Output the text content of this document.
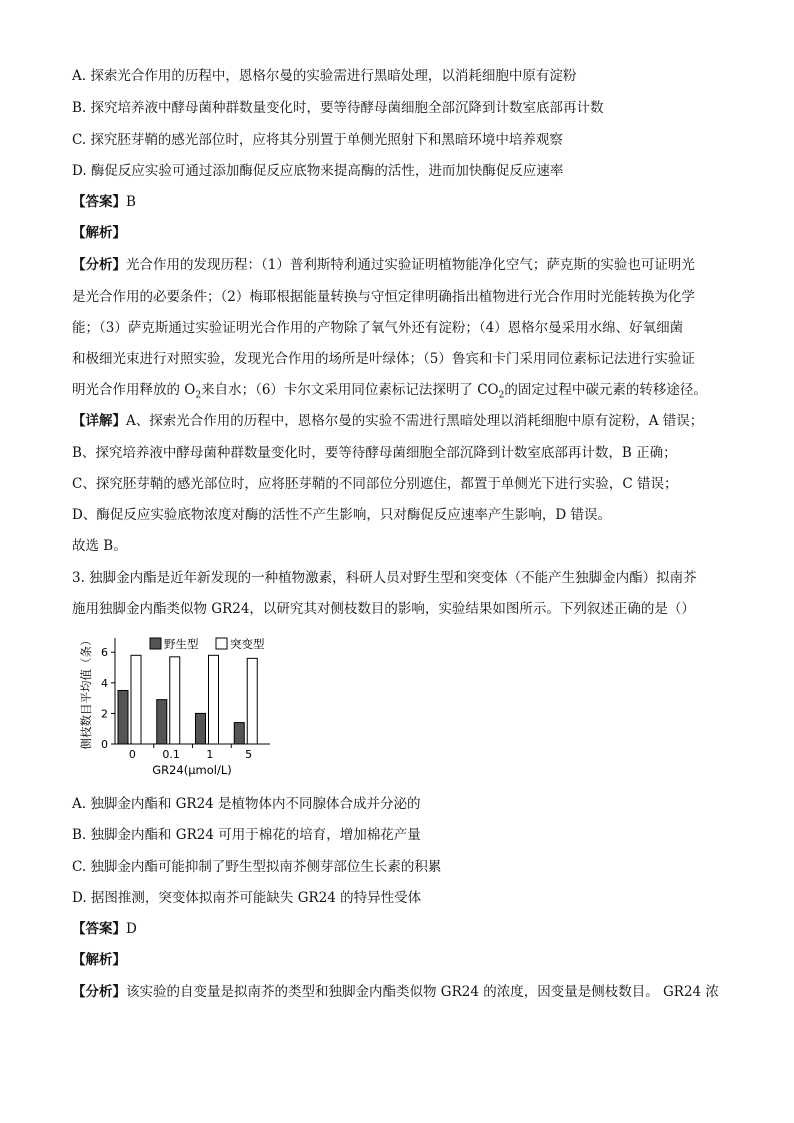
A. 探索光合作用的历程中，恩格尔曼的实验需进行黑暗处理，以消耗细胞中原有淀粉
B. 探究培养液中酵母菌种群数量变化时，要等待酵母菌细胞全部沉降到计数室底部再计数
C. 探究胚芽鞘的感光部位时，应将其分别置于单侧光照射下和黑暗环境中培养观察
D. 酶促反应实验可通过添加酶促反应底物来提高酶的活性，进而加快酶促反应速率
【答案】B
【解析】
【分析】光合作用的发现历程：（1）普利斯特利通过实验证明植物能净化空气；萨克斯的实验也可证明光
是光合作用的必要条件；（2）梅耶根据能量转换与守恒定律明确指出植物进行光合作用时光能转换为化学
能；（3）萨克斯通过实验证明光合作用的产物除了氧气外还有淀粉；（4）恩格尔曼采用水绵、好氧细菌
和极细光束进行对照实验，发现光合作用的场所是叶绿体；（5）鲁宾和卡门采用同位素标记法进行实验证
明光合作用释放的 $O_2$来自水；（6）卡尔文采用同位素标记法探明了 $CO_2$的固定过程中碳元素的转移途径。
【详解】A、探索光合作用的历程中，恩格尔曼的实验不需进行黑暗处理以消耗细胞中原有淀粉，A 错误；
B、探究培养液中酵母菌种群数量变化时，要等待酵母菌细胞全部沉降到计数室底部再计数，B 正确；
C、探究胚芽鞘的感光部位时，应将胚芽鞘的不同部位分别遮住，都置于单侧光下进行实验，C 错误；
D、酶促反应实验底物浓度对酶的活性不产生影响，只对酶促反应速率产生影响，D 错误。
故选 B。
3. 独脚金内酯是近年新发现的一种植物激素，科研人员对野生型和突变体（不能产生独脚金内酯）拟南芥
施用独脚金内酯类似物 GR24，以研究其对侧枝数目的影响，实验结果如图所示。下列叙述正确的是（）
0
2
4
6
0 0.1 1	5
GR24(μmol/L)
侧枝数目平均值（条）	野生型	突变型
A. 独脚金内酯和 GR24 是植物体内不同腺体合成并分泌的
B. 独脚金内酯和 GR24 可用于棉花的培育，增加棉花产量
C. 独脚金内酯可能抑制了野生型拟南芥侧芽部位生长素的积累
D. 据图推测，突变体拟南芥可能缺失 GR24 的特异性受体
【答案】D
【解析】
【分析】该实验的自变量是拟南芥的类型和独脚金内酯类似物 GR24 的浓度，因变量是侧枝数目。 GR24 浓
